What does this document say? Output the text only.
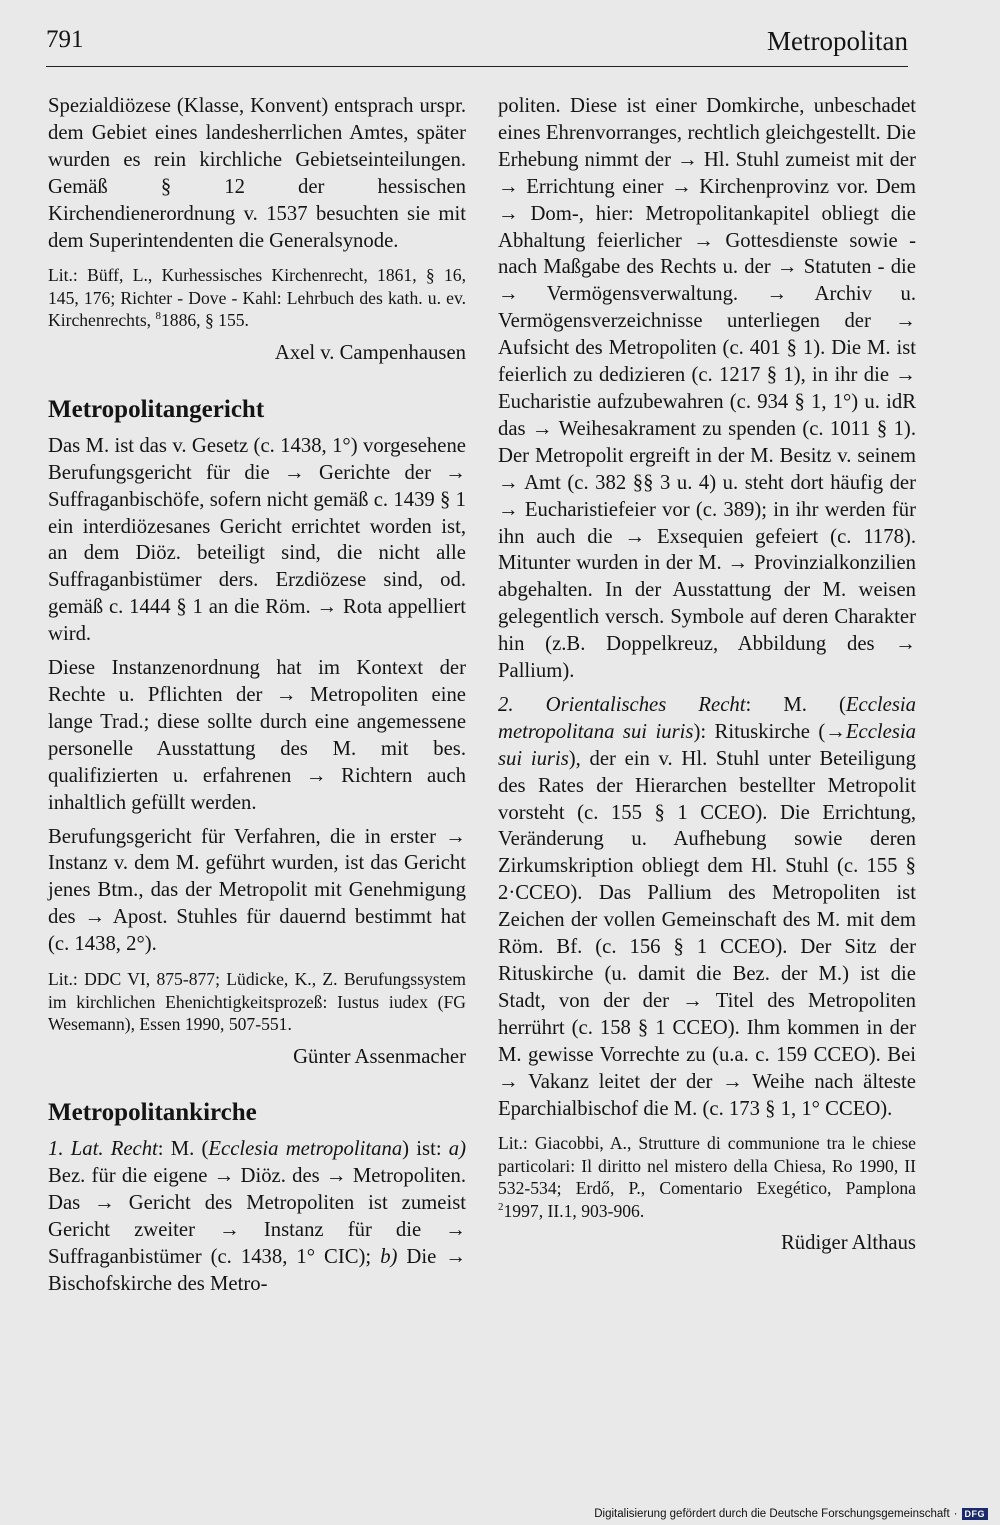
791	Metropolitan

Spezialdiözese (Klasse, Konvent) entsprach urspr. dem Gebiet eines landesherrlichen Amtes, später wurden es rein kirchliche Gebietseinteilungen. Gemäß § 12 der hessischen Kirchendienerordnung v. 1537 besuchten sie mit dem Superintendenten die Generalsynode.

Lit.: Büff, L., Kurhessisches Kirchenrecht, 1861, § 16, 145, 176; Richter - Dove - Kahl: Lehrbuch des kath. u. ev. Kirchenrechts, $^8$1886, § 155.

Axel v. Campenhausen
Metropolitangericht

Das M. ist das v. Gesetz (c. 1438, 1°) vorgesehene Berufungsgericht für die → Gerichte der → Suffraganbischöfe, sofern nicht gemäß c. 1439 § 1 ein interdiözesanes Gericht errichtet worden ist, an dem Diöz. beteiligt sind, die nicht alle Suffraganbistümer ders. Erzdiözese sind, od. gemäß c. 1444 § 1 an die Röm. → Rota appelliert wird.

Diese Instanzenordnung hat im Kontext der Rechte u. Pflichten der → Metropoliten eine lange Trad.; diese sollte durch eine angemessene personelle Ausstattung des M. mit bes. qualifizierten u. erfahrenen → Richtern auch inhaltlich gefüllt werden.

Berufungsgericht für Verfahren, die in erster → Instanz v. dem M. geführt wurden, ist das Gericht jenes Btm., das der Metropolit mit Genehmigung des → Apost. Stuhles für dauernd bestimmt hat (c. 1438, 2°).

Lit.: DDC VI, 875-877; Lüdicke, K., Z. Berufungssystem im kirchlichen Ehenichtigkeitsprozeß: Iustus iudex (FG Wesemann), Essen 1990, 507-551.

Günter Assenmacher
Metropolitankirche

1. Lat. Recht: M. (Ecclesia metropolitana) ist: a) Bez. für die eigene → Diöz. des → Metropoliten. Das → Gericht des Metropoliten ist zumeist Gericht zweiter → Instanz für die → Suffraganbistümer (c. 1438, 1° CIC); b) Die → Bischofskirche des Metro-

politen. Diese ist einer Domkirche, unbeschadet eines Ehrenvorranges, rechtlich gleichgestellt. Die Erhebung nimmt der → Hl. Stuhl zumeist mit der → Errichtung einer → Kirchenprovinz vor. Dem → Dom-, hier: Metropolitankapitel obliegt die Abhaltung feierlicher → Gottesdienste sowie - nach Maßgabe des Rechts u. der → Statuten - die → Vermögensverwaltung. → Archiv u. Vermögensverzeichnisse unterliegen der → Aufsicht des Metropoliten (c. 401 § 1). Die M. ist feierlich zu dedizieren (c. 1217 § 1), in ihr die → Eucharistie aufzubewahren (c. 934 § 1, 1°) u. idR das → Weihesakrament zu spenden (c. 1011 § 1). Der Metropolit ergreift in der M. Besitz v. seinem → Amt (c. 382 §§ 3 u. 4) u. steht dort häufig der → Eucharistiefeier vor (c. 389); in ihr werden für ihn auch die → Exsequien gefeiert (c. 1178). Mitunter wurden in der M. → Provinzialkonzilien abgehalten. In der Ausstattung der M. weisen gelegentlich versch. Symbole auf deren Charakter hin (z.B. Doppelkreuz, Abbildung des → Pallium).

2. Orientalisches Recht: M. (Ecclesia metropolitana sui iuris): Rituskirche (→Ecclesia sui iuris), der ein v. Hl. Stuhl unter Beteiligung des Rates der Hierarchen bestellter Metropolit vorsteht (c. 155 § 1 CCEO). Die Errichtung, Veränderung u. Aufhebung sowie deren Zirkumskription obliegt dem Hl. Stuhl (c. 155 § 2·CCEO). Das Pallium des Metropoliten ist Zeichen der vollen Gemeinschaft des M. mit dem Röm. Bf. (c. 156 § 1 CCEO). Der Sitz der Rituskirche (u. damit die Bez. der M.) ist die Stadt, von der der → Titel des Metropoliten herrührt (c. 158 § 1 CCEO). Ihm kommen in der M. gewisse Vorrechte zu (u.a. c. 159 CCEO). Bei → Vakanz leitet der der → Weihe nach älteste Eparchialbischof die M. (c. 173 § 1, 1° CCEO).

Lit.: Giacobbi, A., Strutture di communione tra le chiese particolari: Il diritto nel mistero della Chiesa, Ro 1990, II 532-534; Erdő, P., Comentario Exegético, Pamplona $^2$1997, II.1, 903-906.

Rüdiger Althaus
Digitalisierung gefördert durch die Deutsche Forschungsgemeinschaft · DFG
